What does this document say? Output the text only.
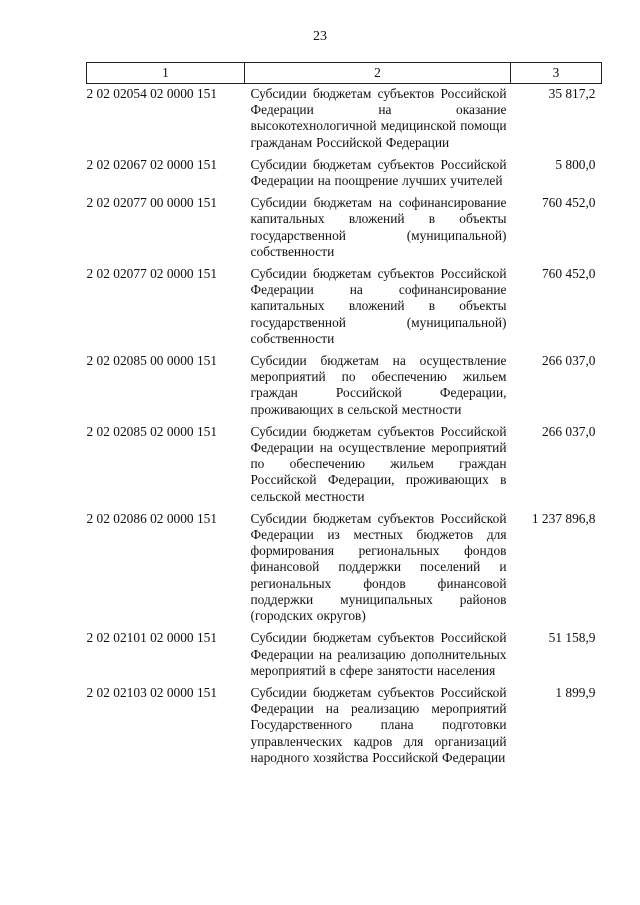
23
1	2	3
2 02 02054 02 0000 151	Субсидии бюджетам субъектов Российской Федерации на оказание высокотехнологичной медицинской помощи гражданам Российской Федерации	35 817,2
2 02 02067 02 0000 151	Субсидии бюджетам субъектов Российской Федерации на поощрение лучших учителей	5 800,0
2 02 02077 00 0000 151	Субсидии бюджетам на софинансирование капитальных вложений в объекты государственной (муниципальной) собственности	760 452,0
2 02 02077 02 0000 151	Субсидии бюджетам субъектов Российской Федерации на софинансирование капитальных вложений в объекты государственной (муниципальной) собственности	760 452,0
2 02 02085 00 0000 151	Субсидии бюджетам на осуществление мероприятий по обеспечению жильем граждан Российской Федерации, проживающих в сельской местности	266 037,0
2 02 02085 02 0000 151	Субсидии бюджетам субъектов Российской Федерации на осуществление мероприятий по обеспечению жильем граждан Российской Федерации, проживающих в сельской местности	266 037,0
2 02 02086 02 0000 151	Субсидии бюджетам субъектов Российской Федерации из местных бюджетов для формирования региональных фондов финансовой поддержки поселений и региональных фондов финансовой поддержки муниципальных районов (городских округов)	1 237 896,8
2 02 02101 02 0000 151	Субсидии бюджетам субъектов Российской Федерации на реализацию дополнительных мероприятий в сфере занятости населения	51 158,9
2 02 02103 02 0000 151	Субсидии бюджетам субъектов Российской Федерации на реализацию мероприятий Государственного плана подготовки управленческих кадров для организаций народного хозяйства Российской Федерации	1 899,9
